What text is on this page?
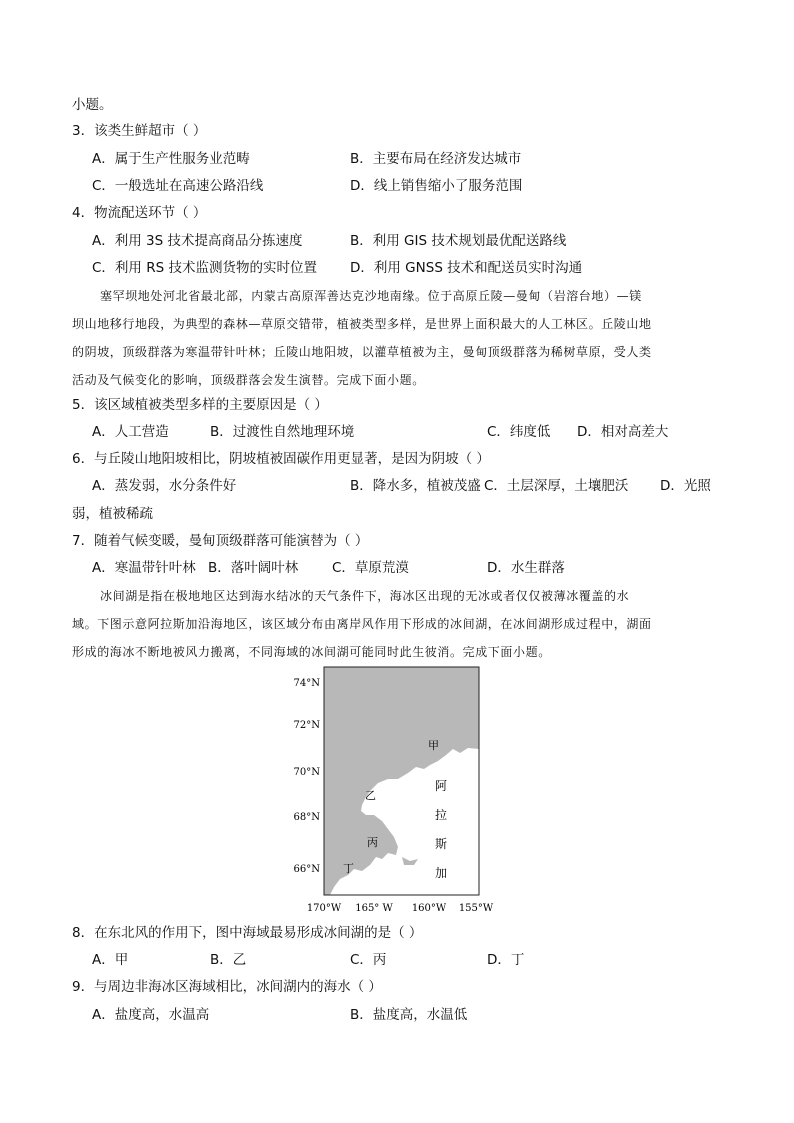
小题。
3．该类生鲜超市（ ）
A．属于生产性服务业范畴	B．主要布局在经济发达城市
C．一般选址在高速公路沿线	D．线上销售缩小了服务范围
4．物流配送环节（ ）
A．利用 3S 技术提高商品分拣速度	B．利用 GIS 技术规划最优配送路线
C．利用 RS 技术监测货物的实时位置 D．利用 GNSS 技术和配送员实时沟通
塞罕坝地处河北省最北部，内蒙古高原浑善达克沙地南缘。位于高原丘陵—曼甸（岩溶台地）—镁
坝山地移行地段，为典型的森林—草原交错带，植被类型多样，是世界上面积最大的人工林区。丘陵山地
的阴坡，顶级群落为寒温带针叶林；丘陵山地阳坡，以灌草植被为主，曼甸顶级群落为稀树草原，受人类
活动及气候变化的影响，顶级群落会发生演替。完成下面小题。
5．该区域植被类型多样的主要原因是（ ）
A．人工营造	B．过渡性自然地理环境	C．纬度低 D．相对高差大
6．与丘陵山地阳坡相比，阴坡植被固碳作用更显著，是因为阴坡（ ）
A．蒸发弱，水分条件好	B．降水多，植被茂盛 C．土层深厚，土壤肥沃 D．光照
弱，植被稀疏
7．随着气候变暖，曼甸顶级群落可能演替为（ ）
A．寒温带针叶林 B．落叶阔叶林 C．草原荒漠	D．水生群落
冰间湖是指在极地地区达到海水结冰的天气条件下，海冰区出现的无冰或者仅仅被薄冰覆盖的水
域。下图示意阿拉斯加沿海地区，该区域分布由离岸风作用下形成的冰间湖，在冰间湖形成过程中，湖面
形成的海冰不断地被风力搬离，不同海域的冰间湖可能同时此生彼消。完成下面小题。
74°N
72°N
70°N
68°N
66°N
170°W 165° W 160°W 155°W
甲
乙
丙
丁
阿
拉
斯
加
8．在东北风的作用下，图中海域最易形成冰间湖的是（ ）
A．甲	B．乙	C．丙	D．丁
9．与周边非海冰区海域相比，冰间湖内的海水（ ）
A．盐度高，水温高	B．盐度高，水温低
